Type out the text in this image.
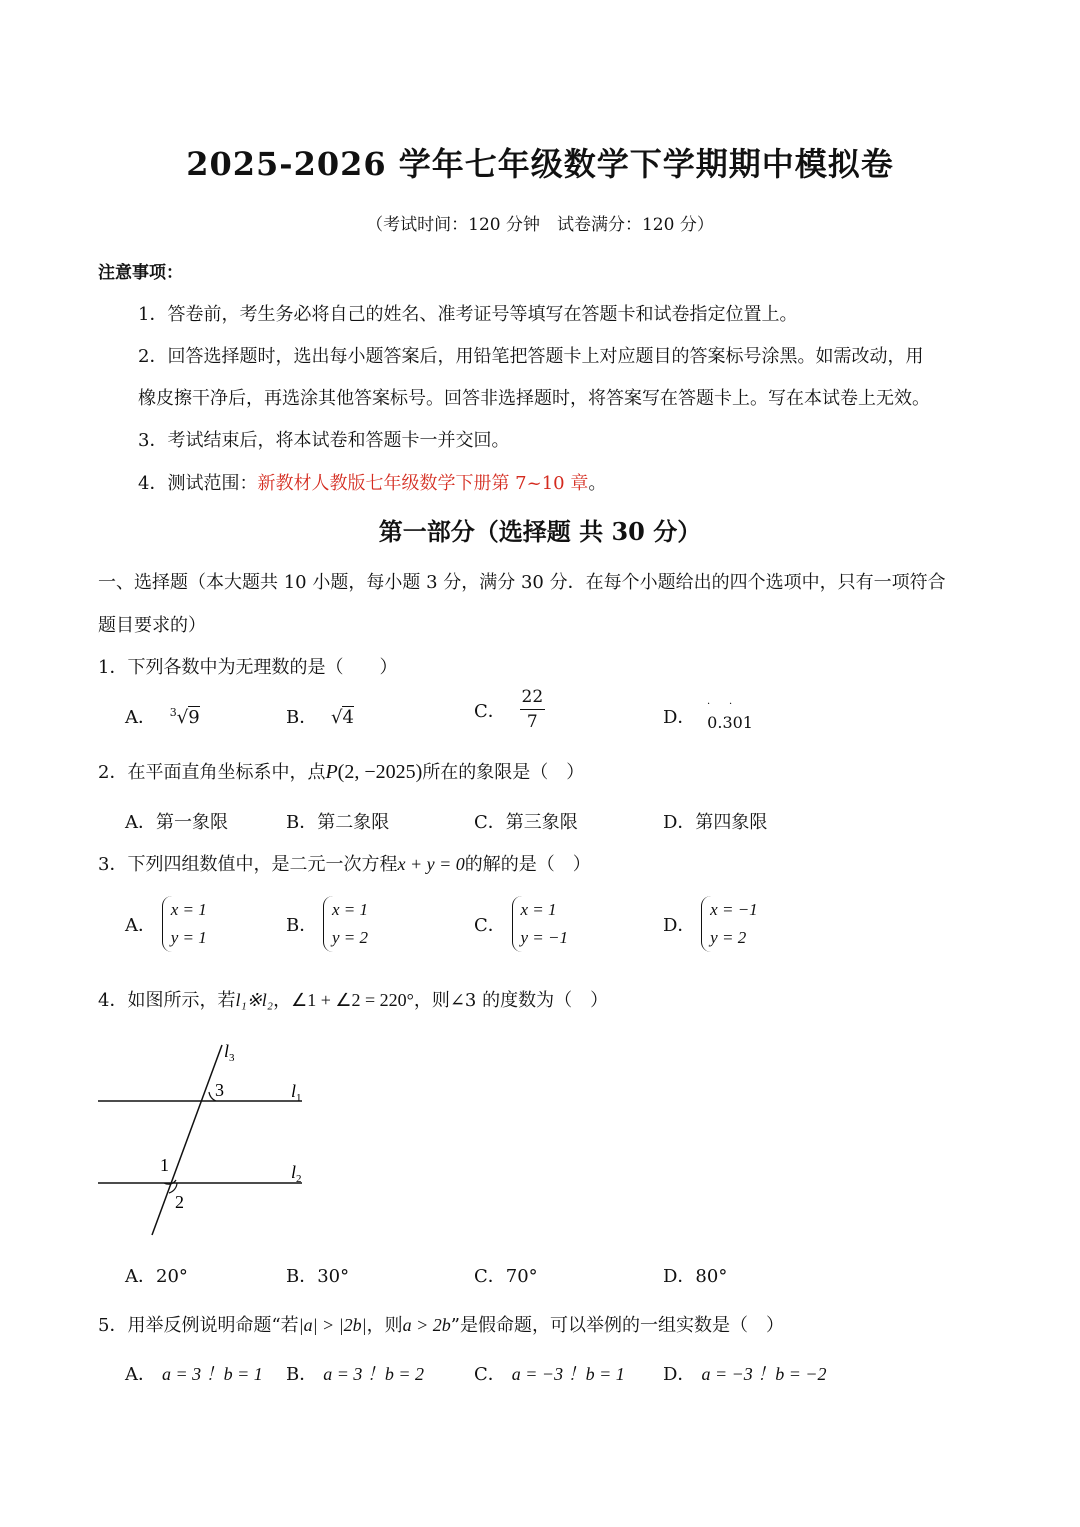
2025-2026 学年七年级数学下学期期中模拟卷
（考试时间：120 分钟　试卷满分：120 分）
注意事项：
1．答卷前，考生务必将自己的姓名、准考证号等填写在答题卡和试卷指定位置上。
2．回答选择题时，选出每小题答案后，用铅笔把答题卡上对应题目的答案标号涂黑。如需改动，用
橡皮擦干净后，再选涂其他答案标号。回答非选择题时，将答案写在答题卡上。写在本试卷上无效。
3．考试结束后，将本试卷和答题卡一并交回。
4．测试范围：新教材人教版七年级数学下册第 7~10 章。
第一部分（选择题 共 30 分）
一、选择题（本大题共 10 小题，每小题 3 分，满分 30 分．在每个小题给出的四个选项中，只有一项符合
题目要求的）
1．下列各数中为无理数的是（　　）
A． $^3$√9	B． √4	C． $\frac{22}{7}$	D． 0.301
· ·
2．在平面直角坐标系中，点P(2, −2025)所在的象限是（　）
A．第一象限	B．第二象限	C．第三象限	D．第四象限
3．下列四组数值中，是二元一次方程x + y = 0的解的是（　）
A． x = 1
y = 1
B． x = 1
y = 2
C． x = 1
y = −1
D． x = −1
y = 2
4．如图所示，若l₁※l₂，∠1 + ∠2 = 220°，则∠3 的度数为（　）
$l_3$
$l_1$
$l_2$
3
1
2
A．20°	B．30°	C．70°	D．80°
5．用举反例说明命题“若|a| > |2b|，则a > 2b”是假命题，可以举例的一组实数是（　）
A． a = 3 ！b = 1 B． a = 3 ！b = 2	C． a = −3 ！b = 1 D． a = −3 ！b = −2
